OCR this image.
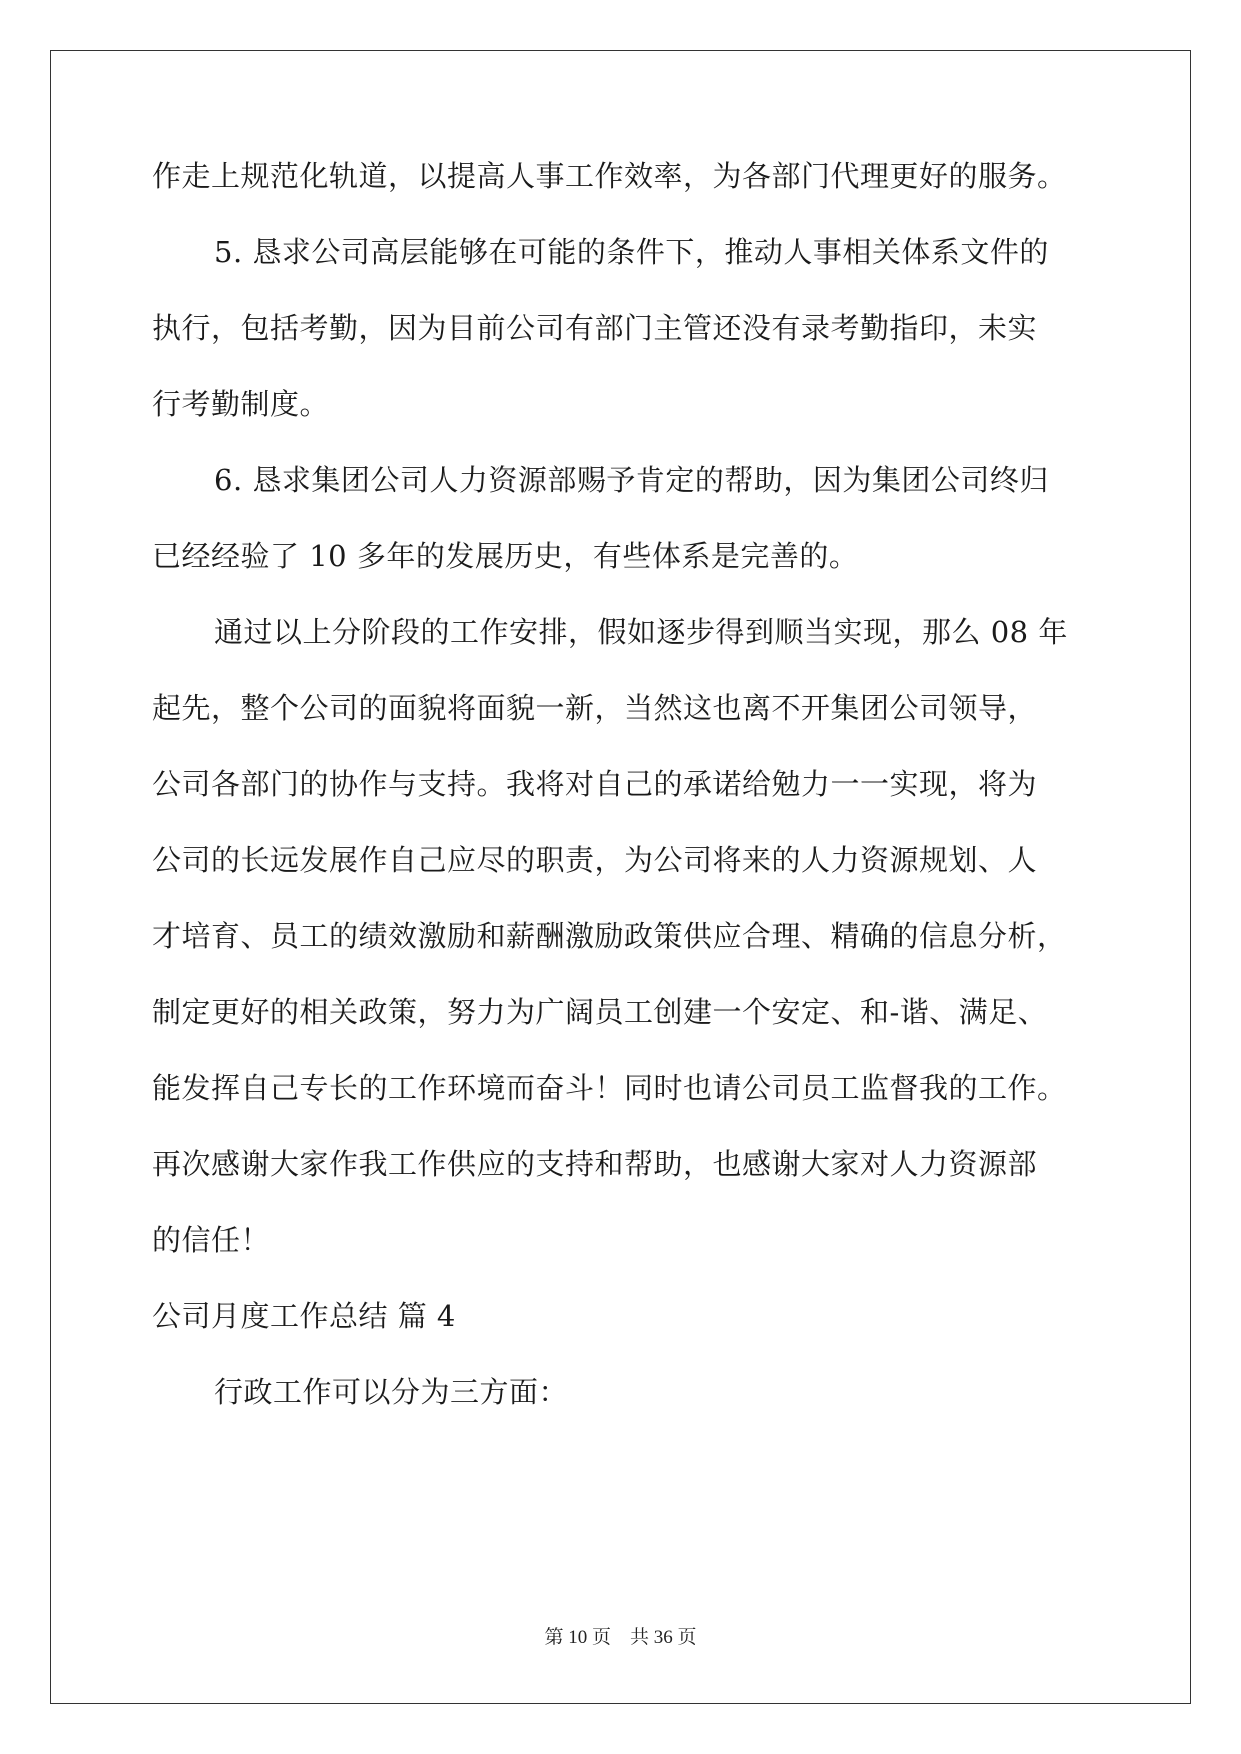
作走上规范化轨道，以提高人事工作效率，为各部门代理更好的服务。
5. 恳求公司高层能够在可能的条件下，推动人事相关体系文件的
执行，包括考勤，因为目前公司有部门主管还没有录考勤指印，未实
行考勤制度。
6. 恳求集团公司人力资源部赐予肯定的帮助，因为集团公司终归
已经经验了 10 多年的发展历史，有些体系是完善的。
通过以上分阶段的工作安排，假如逐步得到顺当实现，那么 08 年
起先，整个公司的面貌将面貌一新，当然这也离不开集团公司领导，
公司各部门的协作与支持。我将对自己的承诺给勉力一一实现，将为
公司的长远发展作自己应尽的职责，为公司将来的人力资源规划、人
才培育、员工的绩效激励和薪酬激励政策供应合理、精确的信息分析，
制定更好的相关政策，努力为广阔员工创建一个安定、和-谐、满足、
能发挥自己专长的工作环境而奋斗！同时也请公司员工监督我的工作。
再次感谢大家作我工作供应的支持和帮助，也感谢大家对人力资源部
的信任！
公司月度工作总结 篇 4
行政工作可以分为三方面：
第 10 页　共 36 页
